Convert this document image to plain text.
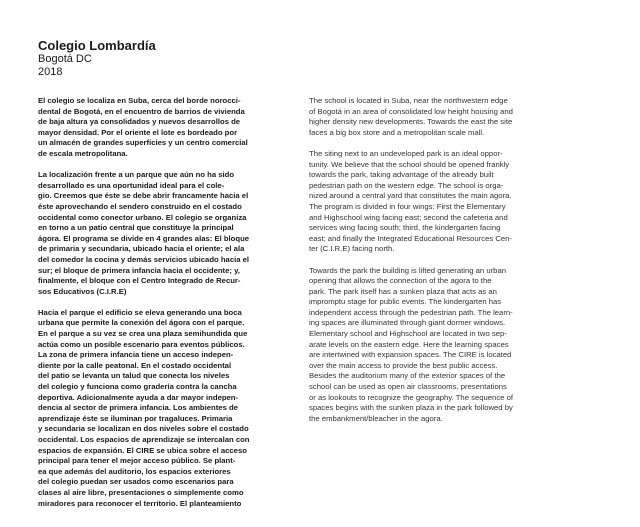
Colegio Lombardía

Bogotá DC

2018

El colegio se localiza en Suba, cerca del borde norocci-
dental de Bogotá, en el encuentro de barrios de vivienda
de baja altura ya consolidados y nuevos desarrollos de
mayor densidad. Por el oriente el lote es bordeado por
un almacén de grandes superficies y un centro comercial
de escala metropolitana.

La localización frente a un parque que aún no ha sido
desarrollado es una oportunidad ideal para el cole-
gio. Creemos que éste se debe abrir francamente hacia el
éste aprovechando el sendero construido en el costado
occidental como conector urbano. El colegio se organiza
en torno a un patio central que constituye la principal
ágora. El programa se divide en 4 grandes alas: El bloque
de primaria y secundaria, ubicado hacia el oriente; el ala
del comedor la cocina y demás servicios ubicado hacia el
sur; el bloque de primera infancia hacia el occidente; y,
finalmente, el bloque con el Centro Integrado de Recur-
sos Educativos (C.I.R.E)

Hacia el parque el edificio se eleva generando una boca
urbana que permite la conexión del ágora con el parque.
En el parque a su vez se crea una plaza semihundida que
actúa como un posible escenario para eventos públicos.
La zona de primera infancia tiene un acceso indepen-
diente por la calle peatonal. En el costado occidental
del patio se levanta un talud que conecta los niveles
del colegio y funciona como gradería contra la cancha
deportiva. Adicionalmente ayuda a dar mayor indepen-
dencia al sector de primera infancia. Los ambientes de
aprendizaje éste se iluminan por tragaluces. Primaria
y secundaria se localizan en dos niveles sobre el costado
occidental. Los espacios de aprendizaje se intercalan con
espacios de expansión. El CIRE se ubica sobre el acceso
principal para tener el mejor acceso público. Se plant-
ea que además del auditorio, los espacios exteriores
del colegio puedan ser usados como escenarios para
clases al aire libre, presentaciones o simplemente como
miradores para reconocer el territorio. El planteamiento

The school is located in Suba, near the northwestern edge
of Bogotá in an area of consolidated low height housing and
higher density new developments. Towards the east the site
faces a big box store and a metropolitan scale mall.

The siting next to an undeveloped park is an ideal oppor-
tunity. We believe that the school should be opened frankly
towards the park, taking advantage of the already built
pedestrian path on the western edge. The school is orga-
nized around a central yard that constitutes the main agora.
The program is divided in four wings: First the Elementary
and Highschool wing facing east; second the cafeteria and
services wing facing south; third, the kindergarten facing
east; and finally the Integrated Educational Resources Cen-
ter (C.I.R.E) facing north.

Towards the park the building is lifted generating an urban
opening that allows the connection of the agora to the
park. The park itself has a sunken plaza that acts as an
impromptu stage for public events. The kindergarten has
independent access through the pedestrian path. The learn-
ing spaces are illuminated through giant dormer windows.
Elementary school and Highschool are located in two sep-
arate levels on the eastern edge. Here the learning spaces
are intertwined with expansion spaces. The CIRE is located
over the main access to provide the best public access.
Besides the auditorium many of the exterior spaces of the
school can be used as open air classrooms, presentations
or as lookouts to recognize the geography. The sequence of
spaces begins with the sunken plaza in the park followed by
the embankment/bleacher in the agora.
